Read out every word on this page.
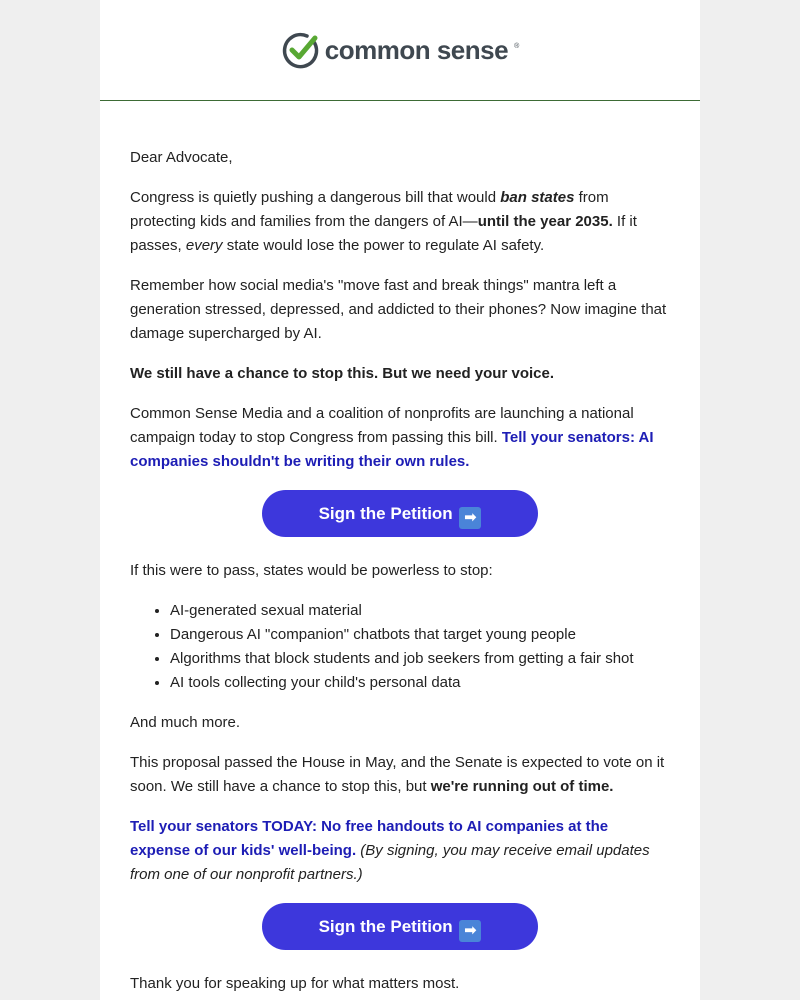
common sense ®

Dear Advocate,

Congress is quietly pushing a dangerous bill that would ban states from protecting kids and families from the dangers of AI—until the year 2035. If it passes, every state would lose the power to regulate AI safety.

Remember how social media's "move fast and break things" mantra left a generation stressed, depressed, and addicted to their phones? Now imagine that damage supercharged by AI.

We still have a chance to stop this. But we need your voice.

Common Sense Media and a coalition of nonprofits are launching a national campaign today to stop Congress from passing this bill. Tell your senators: AI companies shouldn't be writing their own rules.

Sign the Petition ➡

If this were to pass, states would be powerless to stop:

• AI-generated sexual material
• Dangerous AI "companion" chatbots that target young people
• Algorithms that block students and job seekers from getting a fair shot
• AI tools collecting your child's personal data

And much more.

This proposal passed the House in May, and the Senate is expected to vote on it soon. We still have a chance to stop this, but we're running out of time.

Tell your senators TODAY: No free handouts to AI companies at the expense of our kids' well-being. (By signing, you may receive email updates from one of our nonprofit partners.)

Sign the Petition ➡

Thank you for speaking up for what matters most.
